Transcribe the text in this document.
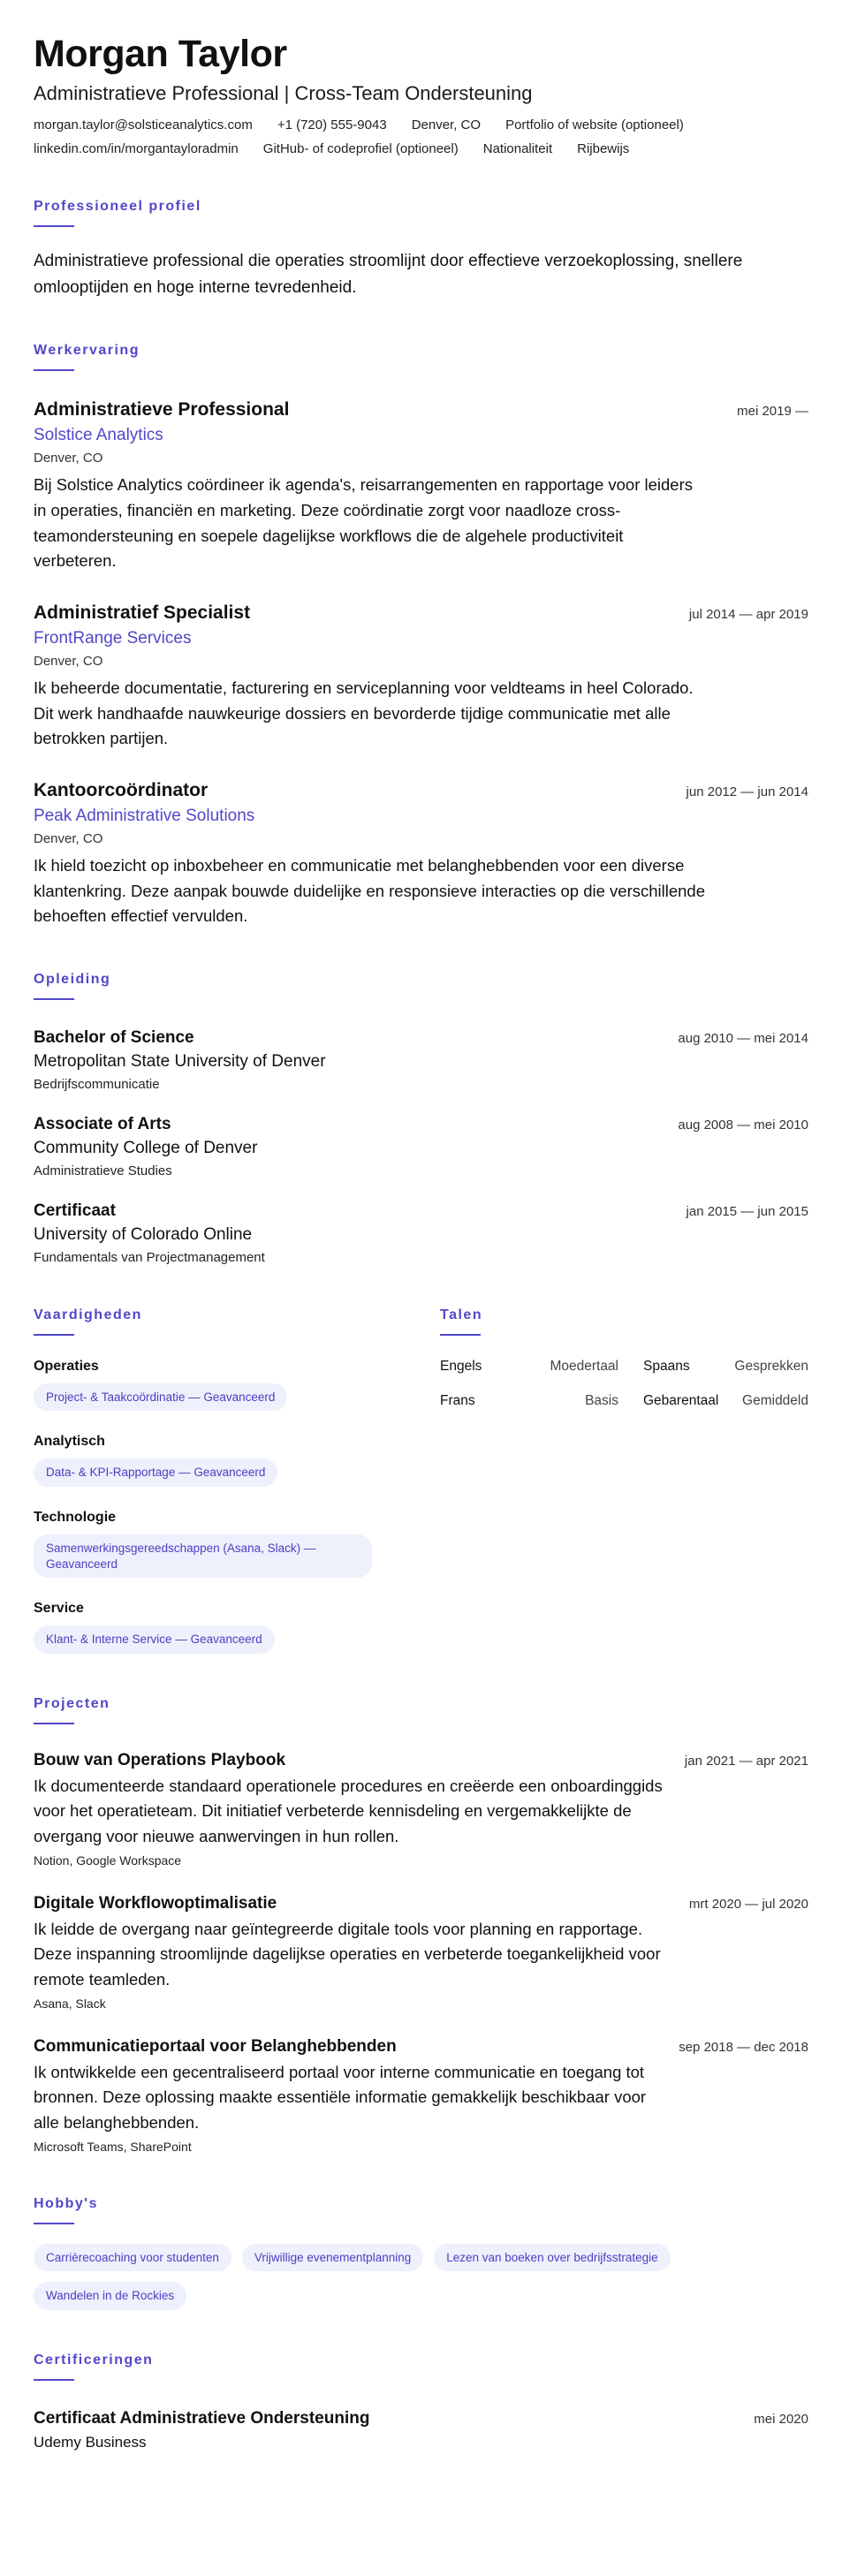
Morgan Taylor
Administratieve Professional | Cross-Team Ondersteuning
morgan.taylor@solsticeanalytics.com +1 (720) 555-9043 Denver, CO Portfolio of website (optioneel)
linkedin.com/in/morgantayloradmin GitHub- of codeprofiel (optioneel) Nationaliteit Rijbewijs
Professioneel profiel
Administratieve professional die operaties stroomlijnt door effectieve verzoekoplossing, snellere omlooptijden en hoge interne tevredenheid.
Werkervaring
Administratieve Professional	mei 2019 —
Solstice Analytics
Denver, CO
Bij Solstice Analytics coördineer ik agenda's, reisarrangementen en rapportage voor leiders in operaties, financiën en marketing. Deze coördinatie zorgt voor naadloze cross-teamondersteuning en soepele dagelijkse workflows die de algehele productiviteit verbeteren.
Administratief Specialist	jul 2014 — apr 2019
FrontRange Services
Denver, CO
Ik beheerde documentatie, facturering en serviceplanning voor veldteams in heel Colorado. Dit werk handhaafde nauwkeurige dossiers en bevorderde tijdige communicatie met alle betrokken partijen.
Kantoorcoördinator	jun 2012 — jun 2014
Peak Administrative Solutions
Denver, CO
Ik hield toezicht op inboxbeheer en communicatie met belanghebbenden voor een diverse klantenkring. Deze aanpak bouwde duidelijke en responsieve interacties op die verschillende behoeften effectief vervulden.
Opleiding
Bachelor of Science	aug 2010 — mei 2014
Metropolitan State University of Denver
Bedrijfscommunicatie
Associate of Arts	aug 2008 — mei 2010
Community College of Denver
Administratieve Studies
Certificaat	jan 2015 — jun 2015
University of Colorado Online
Fundamentals van Projectmanagement
Vaardigheden
Operaties
Project- & Taakcoördinatie — Geavanceerd
Analytisch
Data- & KPI-Rapportage — Geavanceerd
Technologie
Samenwerkingsgereedschappen (Asana, Slack) — Geavanceerd
Service
Klant- & Interne Service — Geavanceerd
Talen
Engels	Moedertaal Spaans	Gesprekken
Frans	Basis Gebarentaal Gemiddeld
Projecten
Bouw van Operations Playbook	jan 2021 — apr 2021
Ik documenteerde standaard operationele procedures en creëerde een onboardinggids voor het operatieteam. Dit initiatief verbeterde kennisdeling en vergemakkelijkte de overgang voor nieuwe aanwervingen in hun rollen.
Notion, Google Workspace
Digitale Workflowoptimalisatie	mrt 2020 — jul 2020
Ik leidde de overgang naar geïntegreerde digitale tools voor planning en rapportage. Deze inspanning stroomlijnde dagelijkse operaties en verbeterde toegankelijkheid voor remote teamleden.
Asana, Slack
Communicatieportaal voor Belanghebbenden	sep 2018 — dec 2018
Ik ontwikkelde een gecentraliseerd portaal voor interne communicatie en toegang tot bronnen. Deze oplossing maakte essentiële informatie gemakkelijk beschikbaar voor alle belanghebbenden.
Microsoft Teams, SharePoint
Hobby's
Carrièrecoaching voor studenten	Vrijwillige evenementplanning	Lezen van boeken over bedrijfsstrategie
Wandelen in de Rockies
Certificeringen
Certificaat Administratieve Ondersteuning	mei 2020
Udemy Business
